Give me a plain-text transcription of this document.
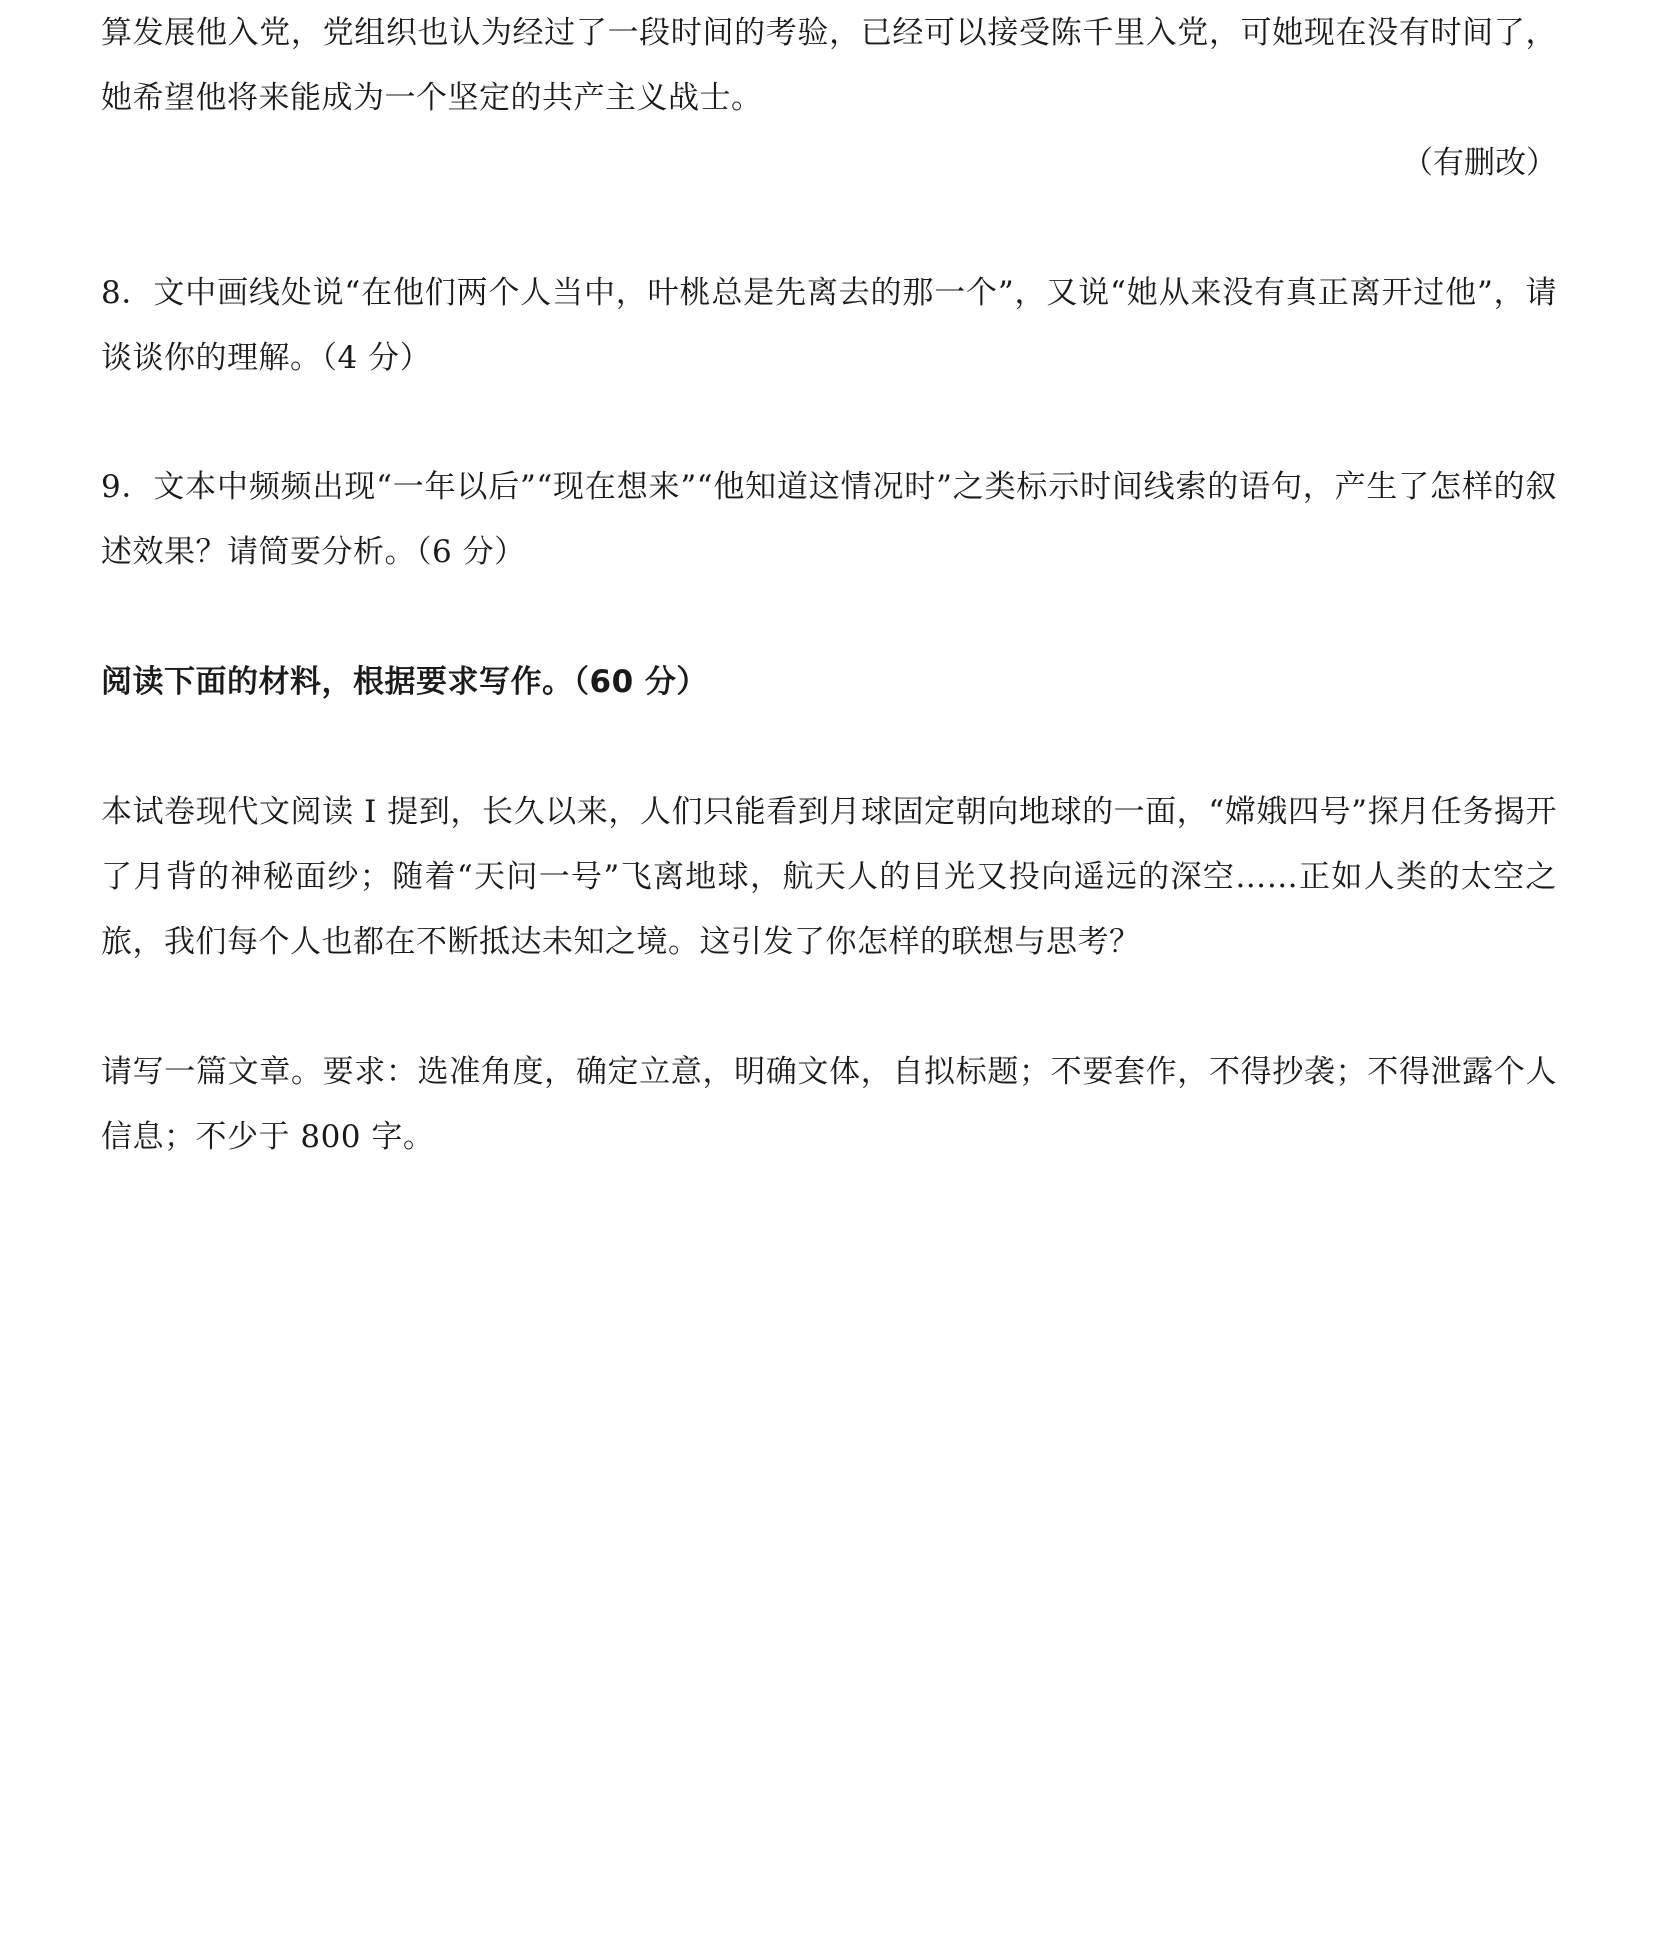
算发展他入党，党组织也认为经过了一段时间的考验，已经可以接受陈千里入党，可她现在没有时间了，她希望他将来能成为一个坚定的共产主义战士。

（有删改）

8．文中画线处说“在他们两个人当中，叶桃总是先离去的那一个”，又说“她从来没有真正离开过他”，请谈谈你的理解。（4 分）

9．文本中频频出现“一年以后”“现在想来”“他知道这情况时”之类标示时间线索的语句，产生了怎样的叙述效果？请简要分析。（6 分）

阅读下面的材料，根据要求写作。（60 分）

本试卷现代文阅读 I 提到，长久以来，人们只能看到月球固定朝向地球的一面，“嫦娥四号”探月任务揭开了月背的神秘面纱；随着“天问一号”飞离地球，航天人的目光又投向遥远的深空……正如人类的太空之旅，我们每个人也都在不断抵达未知之境。这引发了你怎样的联想与思考？

请写一篇文章。要求：选准角度，确定立意，明确文体，自拟标题；不要套作，不得抄袭；不得泄露个人信息；不少于 800 字。
